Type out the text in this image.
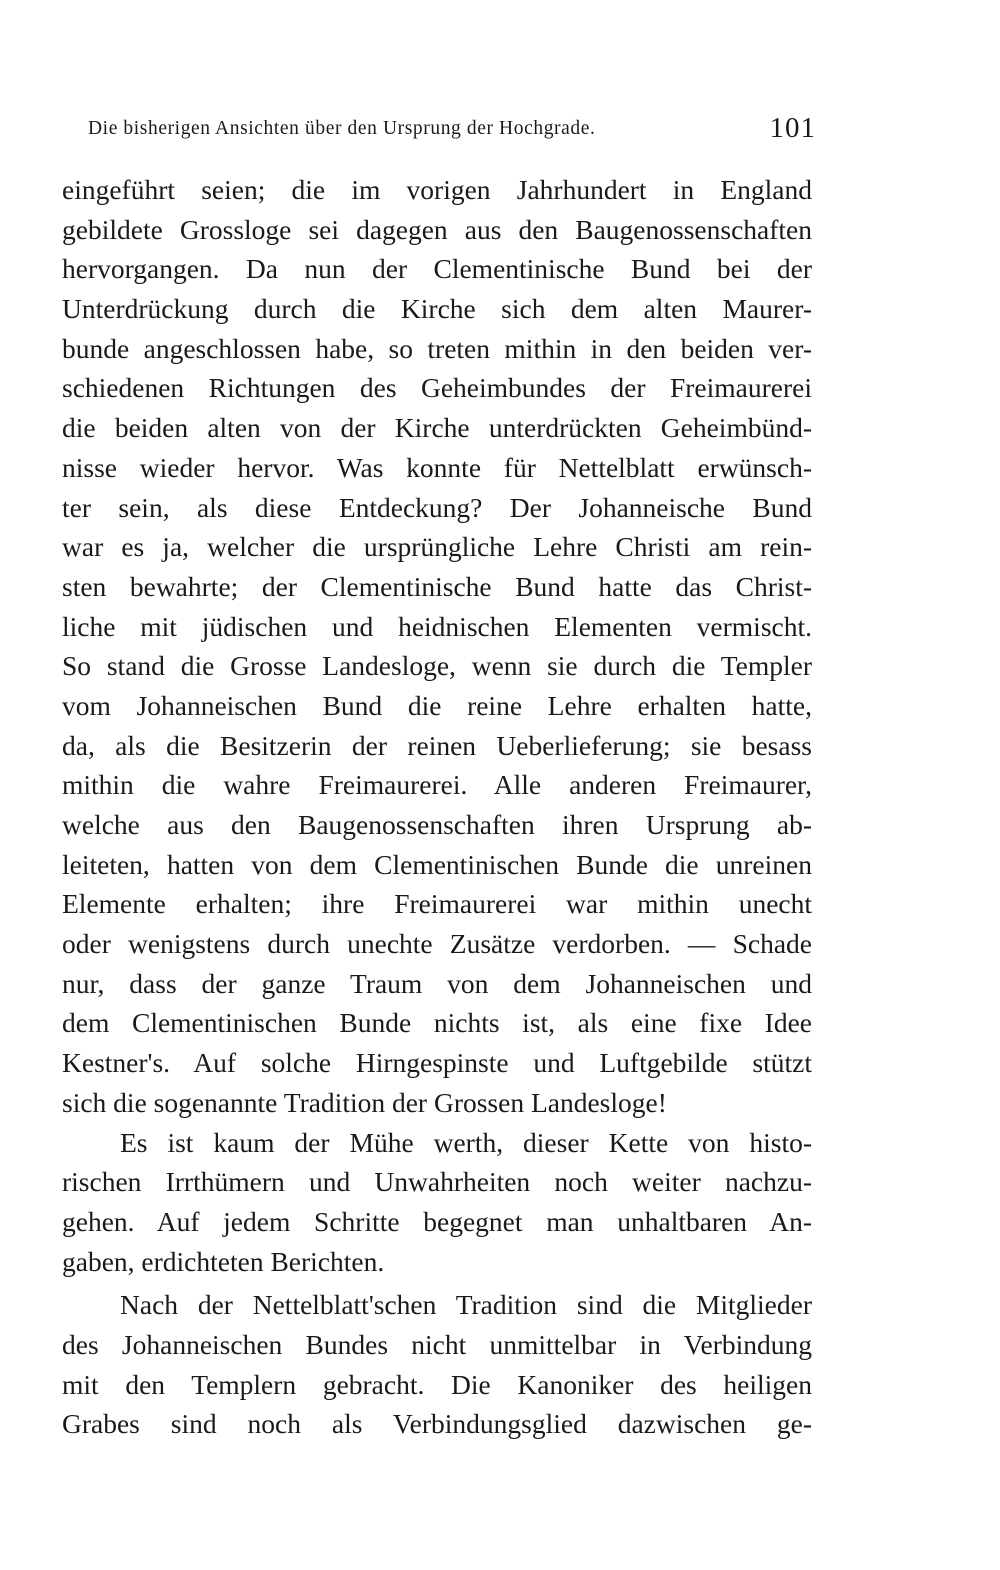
Die bisherigen Ansichten über den Ursprung der Hochgrade.	101
eingeführt seien; die im vorigen Jahrhundert in England
gebildete Grossloge sei dagegen aus den Baugenossenschaften
hervorgangen. Da nun der Clementinische Bund bei der
Unterdrückung durch die Kirche sich dem alten Maurer-
bunde angeschlossen habe, so treten mithin in den beiden ver-
schiedenen Richtungen des Geheimbundes der Freimaurerei
die beiden alten von der Kirche unterdrückten Geheimbünd-
nisse wieder hervor. Was konnte für Nettelblatt erwünsch-
ter sein, als diese Entdeckung? Der Johanneische Bund
war es ja, welcher die ursprüngliche Lehre Christi am rein-
sten bewahrte; der Clementinische Bund hatte das Christ-
liche mit jüdischen und heidnischen Elementen vermischt.
So stand die Grosse Landesloge, wenn sie durch die Templer
vom Johanneischen Bund die reine Lehre erhalten hatte,
da, als die Besitzerin der reinen Ueberlieferung; sie besass
mithin die wahre Freimaurerei. Alle anderen Freimaurer,
welche aus den Baugenossenschaften ihren Ursprung ab-
leiteten, hatten von dem Clementinischen Bunde die unreinen
Elemente erhalten; ihre Freimaurerei war mithin unecht
oder wenigstens durch unechte Zusätze verdorben. — Schade
nur, dass der ganze Traum von dem Johanneischen und
dem Clementinischen Bunde nichts ist, als eine fixe Idee
Kestner's. Auf solche Hirngespinste und Luftgebilde stützt
sich die sogenannte Tradition der Grossen Landesloge!
Es ist kaum der Mühe werth, dieser Kette von histo-
rischen Irrthümern und Unwahrheiten noch weiter nachzu-
gehen. Auf jedem Schritte begegnet man unhaltbaren An-
gaben, erdichteten Berichten.
Nach der Nettelblatt'schen Tradition sind die Mitglieder
des Johanneischen Bundes nicht unmittelbar in Verbindung
mit den Templern gebracht. Die Kanoniker des heiligen
Grabes sind noch als Verbindungsglied dazwischen ge-
